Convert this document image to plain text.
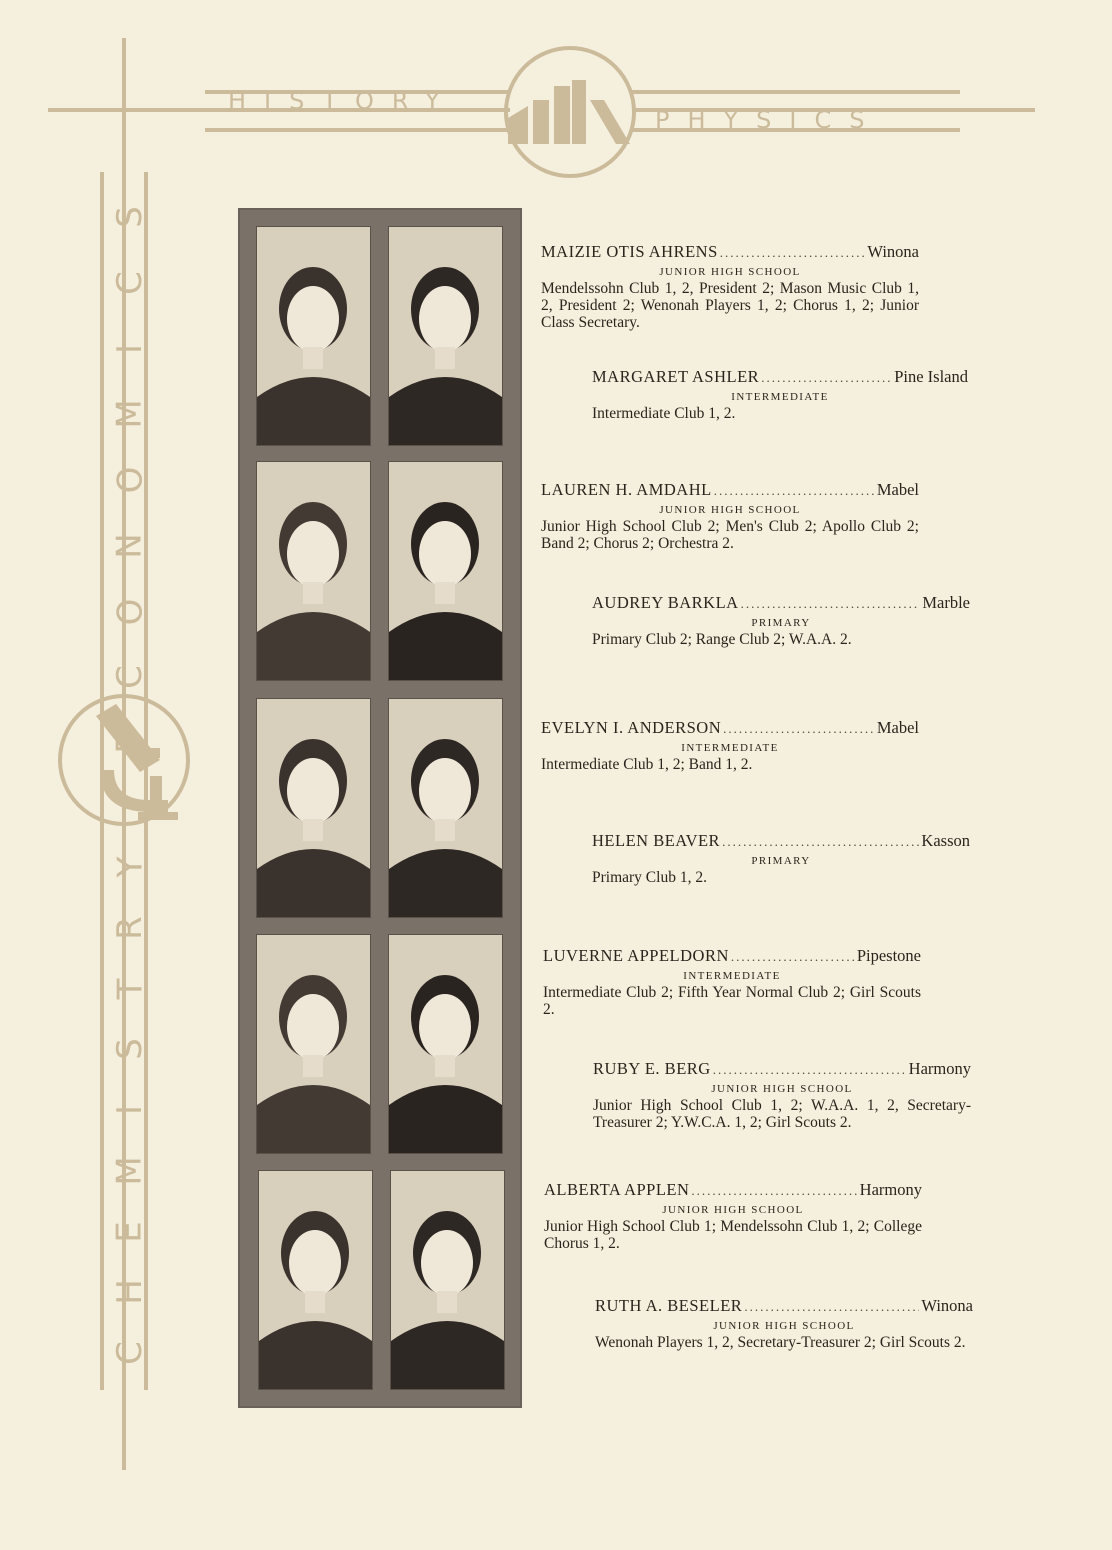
HISTORY
PHYSICS
S
C
I
M
O
N
O
C
E
Y
R
T
S
I
M
E
H
C
MAIZIE OTIS AHRENS .....	Winona
JUNIOR HIGH SCHOOL
Mendelssohn Club 1, 2, President 2; Mason Music Club 1, 2, President 2; Wenonah Players 1, 2; Chorus 1, 2; Junior Class Secretary.
MARGARET ASHLER .....	Pine Island
INTERMEDIATE
Intermediate Club 1, 2.
LAUREN H. AMDAHL .....	Mabel
JUNIOR HIGH SCHOOL
Junior High School Club 2; Men's Club 2; Apollo Club 2; Band 2; Chorus 2; Orchestra 2.
AUDREY BARKLA .....	Marble
PRIMARY
Primary Club 2; Range Club 2; W.A.A. 2.
EVELYN I. ANDERSON .....	Mabel
INTERMEDIATE
Intermediate Club 1, 2; Band 1, 2.
HELEN BEAVER .....	Kasson
PRIMARY
Primary Club 1, 2.
LUVERNE APPELDORN .....	Pipestone
INTERMEDIATE
Intermediate Club 2; Fifth Year Normal Club 2; Girl Scouts 2.
RUBY E. BERG .....	Harmony
JUNIOR HIGH SCHOOL
Junior High School Club 1, 2; W.A.A. 1, 2, Secretary-Treasurer 2; Y.W.C.A. 1, 2; Girl Scouts 2.
ALBERTA APPLEN .....	Harmony
JUNIOR HIGH SCHOOL
Junior High School Club 1; Mendelssohn Club 1, 2; College Chorus 1, 2.
RUTH A. BESELER .....	Winona
JUNIOR HIGH SCHOOL
Wenonah Players 1, 2, Secretary-Treasurer 2; Girl Scouts 2.
